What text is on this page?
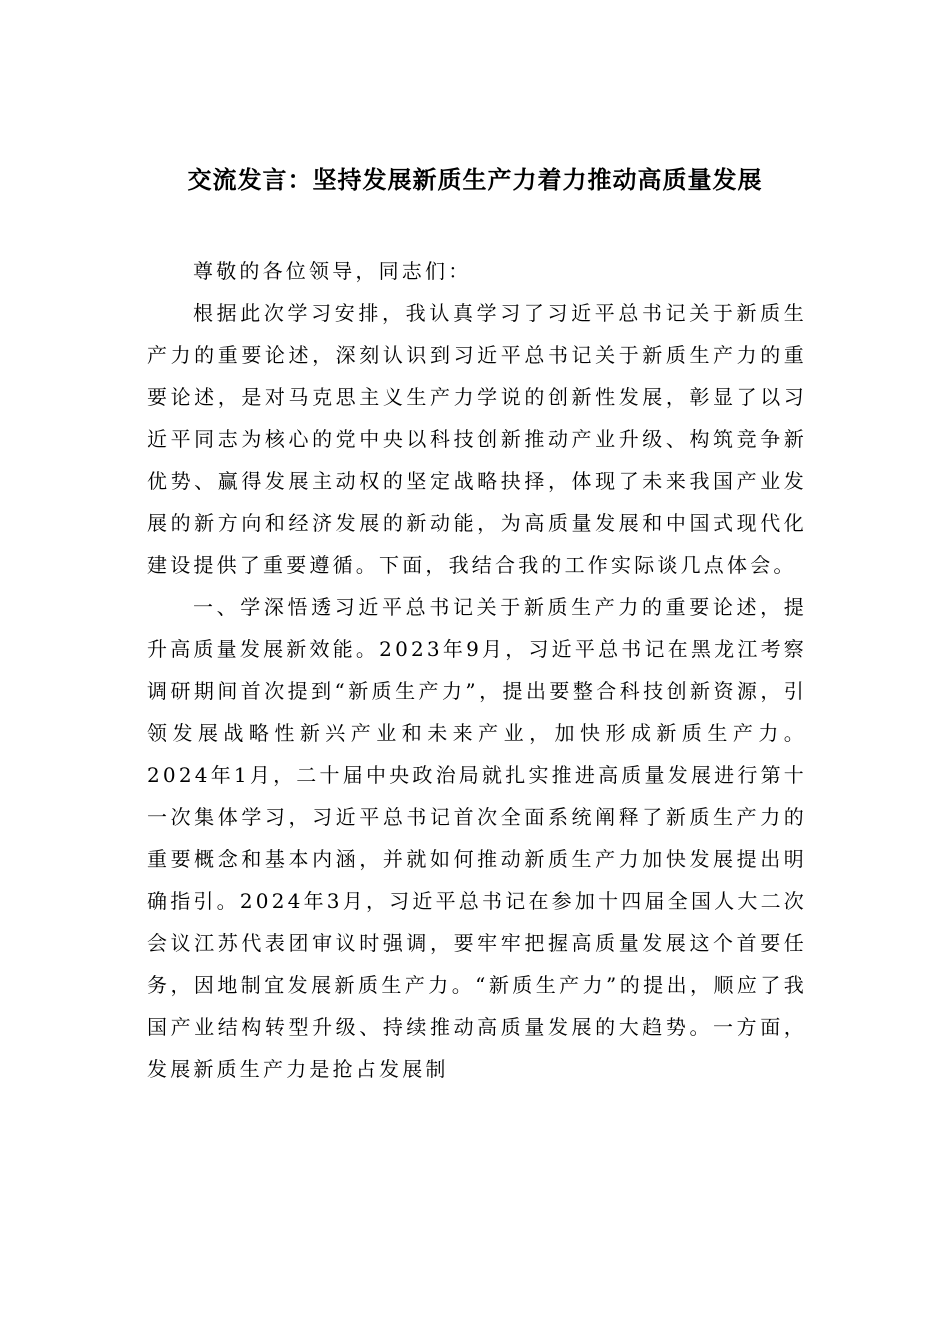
交流发言：坚持发展新质生产力着力推动高质量发展

尊敬的各位领导，同志们：

根据此次学习安排，我认真学习了习近平总书记关于新质生产力的重要论述，深刻认识到习近平总书记关于新质生产力的重要论述，是对马克思主义生产力学说的创新性发展，彰显了以习近平同志为核心的党中央以科技创新推动产业升级、构筑竞争新优势、赢得发展主动权的坚定战略抉择，体现了未来我国产业发展的新方向和经济发展的新动能，为高质量发展和中国式现代化建设提供了重要遵循。下面，我结合我的工作实际谈几点体会。

一、学深悟透习近平总书记关于新质生产力的重要论述，提升高质量发展新效能。2023年9月，习近平总书记在黑龙江考察调研期间首次提到“新质生产力”，提出要整合科技创新资源，引领发展战略性新兴产业和未来产业，加快形成新质生产力。2024年1月，二十届中央政治局就扎实推进高质量发展进行第十一次集体学习，习近平总书记首次全面系统阐释了新质生产力的重要概念和基本内涵，并就如何推动新质生产力加快发展提出明确指引。2024年3月，习近平总书记在参加十四届全国人大二次会议江苏代表团审议时强调，要牢牢把握高质量发展这个首要任务，因地制宜发展新质生产力。“新质生产力”的提出，顺应了我国产业结构转型升级、持续推动高质量发展的大趋势。一方面，发展新质生产力是抢占发展制
